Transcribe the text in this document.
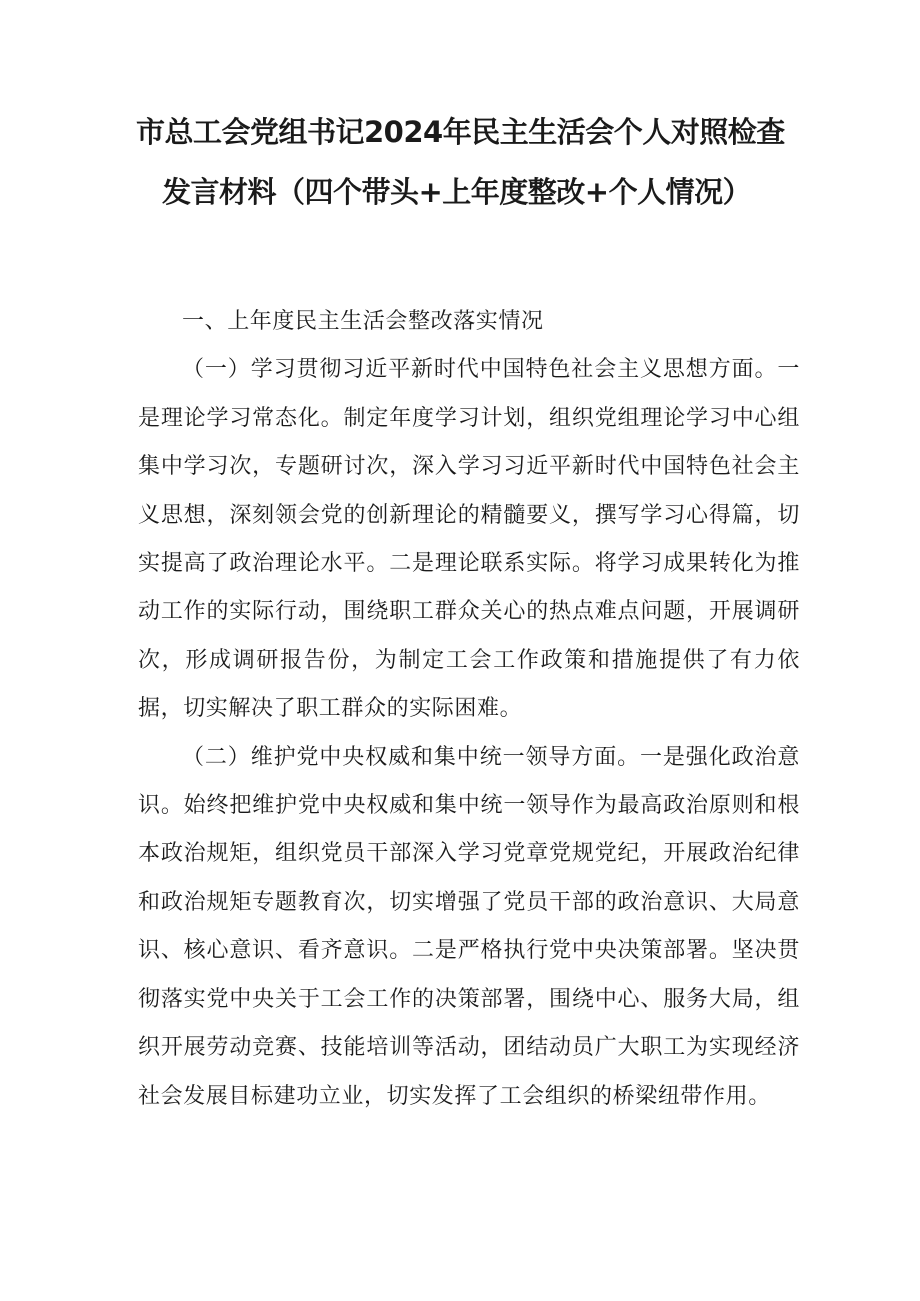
市总工会党组书记2024年民主生活会个人对照检查
发言材料（四个带头+上年度整改+个人情况）

一、上年度民主生活会整改落实情况

（一）学习贯彻习近平新时代中国特色社会主义思想方面。一是理论学习常态化。制定年度学习计划，组织党组理论学习中心组集中学习次，专题研讨次，深入学习习近平新时代中国特色社会主义思想，深刻领会党的创新理论的精髓要义，撰写学习心得篇，切实提高了政治理论水平。二是理论联系实际。将学习成果转化为推动工作的实际行动，围绕职工群众关心的热点难点问题，开展调研次，形成调研报告份，为制定工会工作政策和措施提供了有力依据，切实解决了职工群众的实际困难。

（二）维护党中央权威和集中统一领导方面。一是强化政治意识。始终把维护党中央权威和集中统一领导作为最高政治原则和根本政治规矩，组织党员干部深入学习党章党规党纪，开展政治纪律和政治规矩专题教育次，切实增强了党员干部的政治意识、大局意识、核心意识、看齐意识。二是严格执行党中央决策部署。坚决贯彻落实党中央关于工会工作的决策部署，围绕中心、服务大局，组织开展劳动竞赛、技能培训等活动，团结动员广大职工为实现经济社会发展目标建功立业，切实发挥了工会组织的桥梁纽带作用。
